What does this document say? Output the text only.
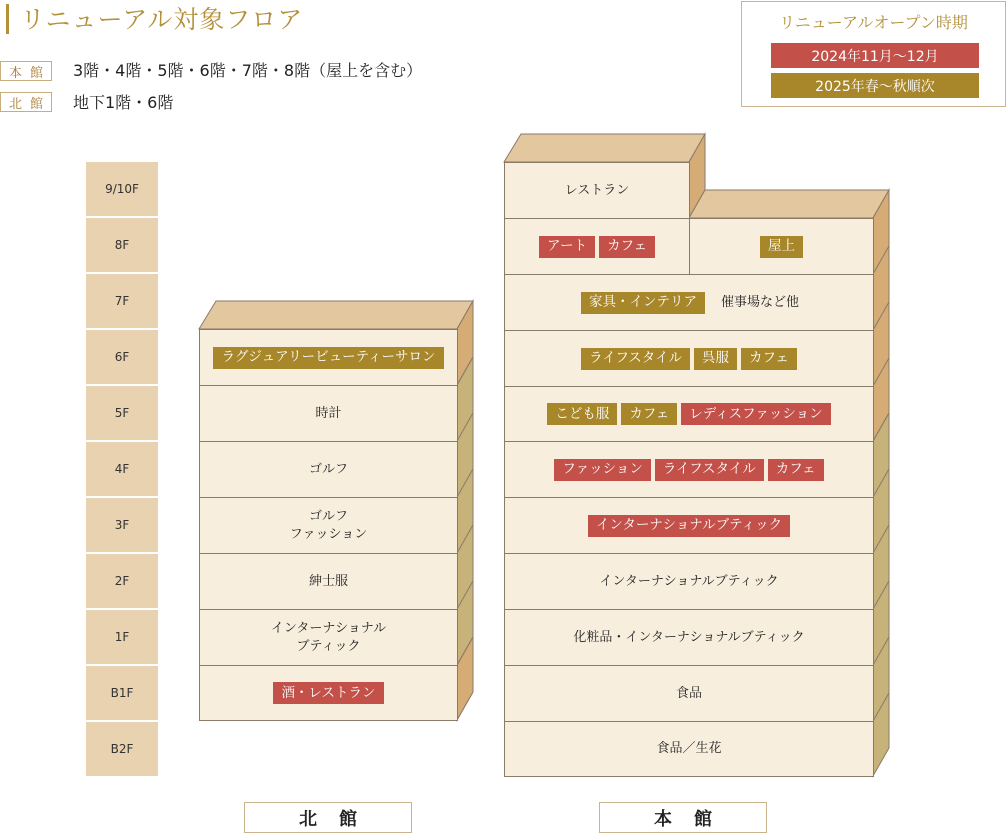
リニューアル対象フロア
本館 3階・4階・5階・6階・7階・8階（屋上を含む）
北館 地下1階・6階
リニューアルオープン時期
2024年11月〜12月
2025年春〜秋順次
9/10F
8F
7F
6F
5F
4F
3F
2F
1F
B1F
B2F
ラグジュアリービューティーサロン
時計
ゴルフ
ゴルフ
ファッション
紳士服
インターナショナル
ブティック
酒・レストラン
レストラン
アート	カフェ	屋上
家具・インテリア	催事場など他
ライフスタイル	呉服	カフェ
こども服	カフェ	レディスファッション
ファッション	ライフスタイル	カフェ
インターナショナルブティック
インターナショナルブティック
化粧品・インターナショナルブティック
食品
食品／生花
北館	本館
